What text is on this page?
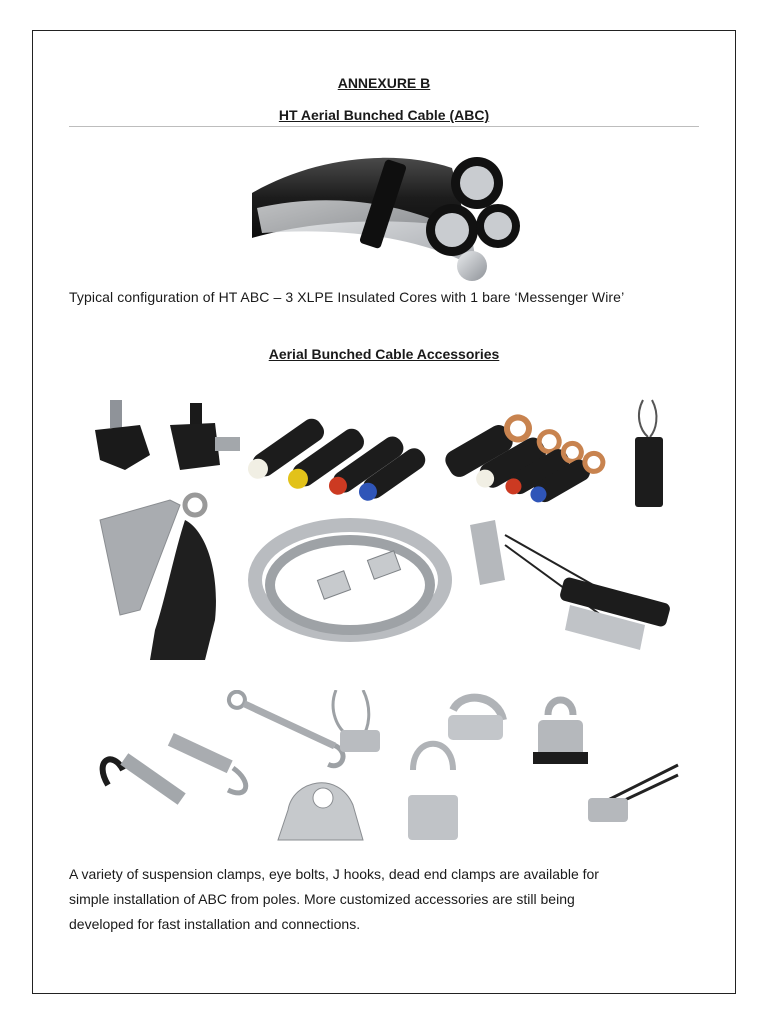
ANNEXURE B
HT Aerial Bunched Cable (ABC)
Typical configuration of HT ABC – 3 XLPE Insulated Cores with 1 bare ‘Messenger Wire’
Aerial Bunched Cable Accessories
A variety of suspension clamps, eye bolts, J hooks, dead end clamps are available for
simple installation of ABC from poles. More customized accessories are still being
developed for fast installation and connections.
